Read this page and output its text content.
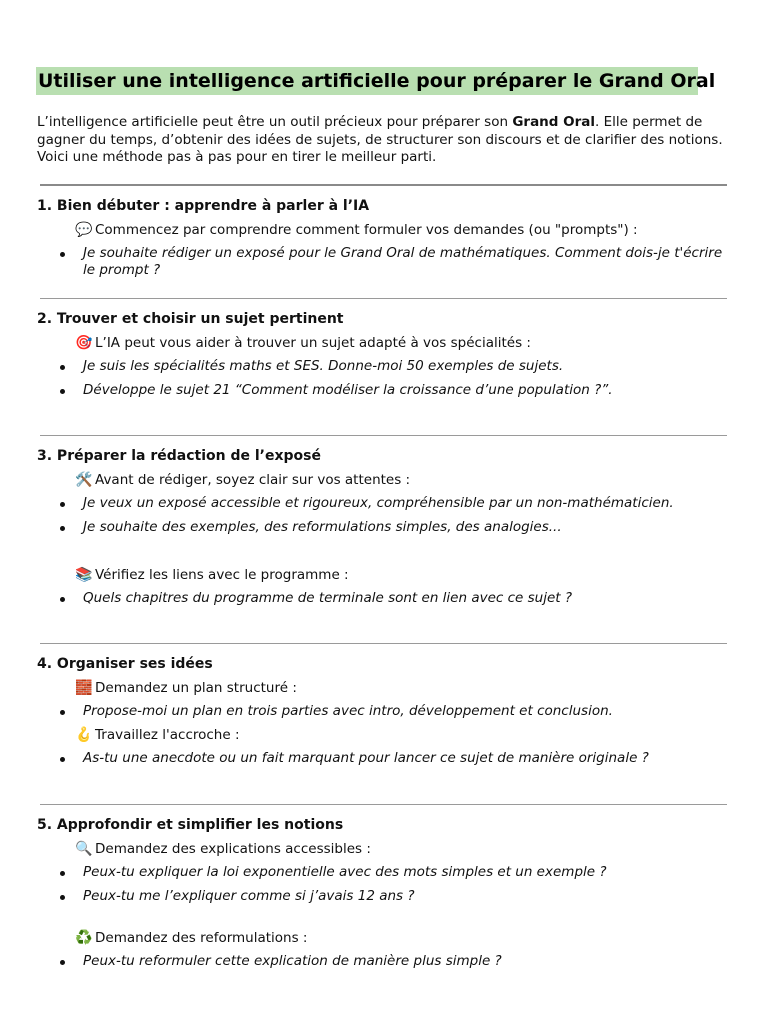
Utiliser une intelligence artificielle pour préparer le Grand Oral
L’intelligence artificielle peut être un outil précieux pour préparer son Grand Oral. Elle permet de gagner du temps, d’obtenir des idées de sujets, de structurer son discours et de clarifier des notions. Voici une méthode pas à pas pour en tirer le meilleur parti.
1. Bien débuter : apprendre à parler à l’IA
💬 Commencez par comprendre comment formuler vos demandes (ou "prompts") :
Je souhaite rédiger un exposé pour le Grand Oral de mathématiques. Comment dois-je t'écrire le prompt ?
2. Trouver et choisir un sujet pertinent
🎯 L’IA peut vous aider à trouver un sujet adapté à vos spécialités :
Je suis les spécialités maths et SES. Donne-moi 50 exemples de sujets.
Développe le sujet 21 “Comment modéliser la croissance d’une population ?”.
3. Préparer la rédaction de l’exposé
🛠️ Avant de rédiger, soyez clair sur vos attentes :
Je veux un exposé accessible et rigoureux, compréhensible par un non-mathématicien.
Je souhaite des exemples, des reformulations simples, des analogies...
📚 Vérifiez les liens avec le programme :
Quels chapitres du programme de terminale sont en lien avec ce sujet ?
4. Organiser ses idées
🧱 Demandez un plan structuré :
Propose-moi un plan en trois parties avec intro, développement et conclusion.
🪝 Travaillez l'accroche :
As-tu une anecdote ou un fait marquant pour lancer ce sujet de manière originale ?
5. Approfondir et simplifier les notions
🔍 Demandez des explications accessibles :
Peux-tu expliquer la loi exponentielle avec des mots simples et un exemple ?
Peux-tu me l’expliquer comme si j’avais 12 ans ?
♻️ Demandez des reformulations :
Peux-tu reformuler cette explication de manière plus simple ?
